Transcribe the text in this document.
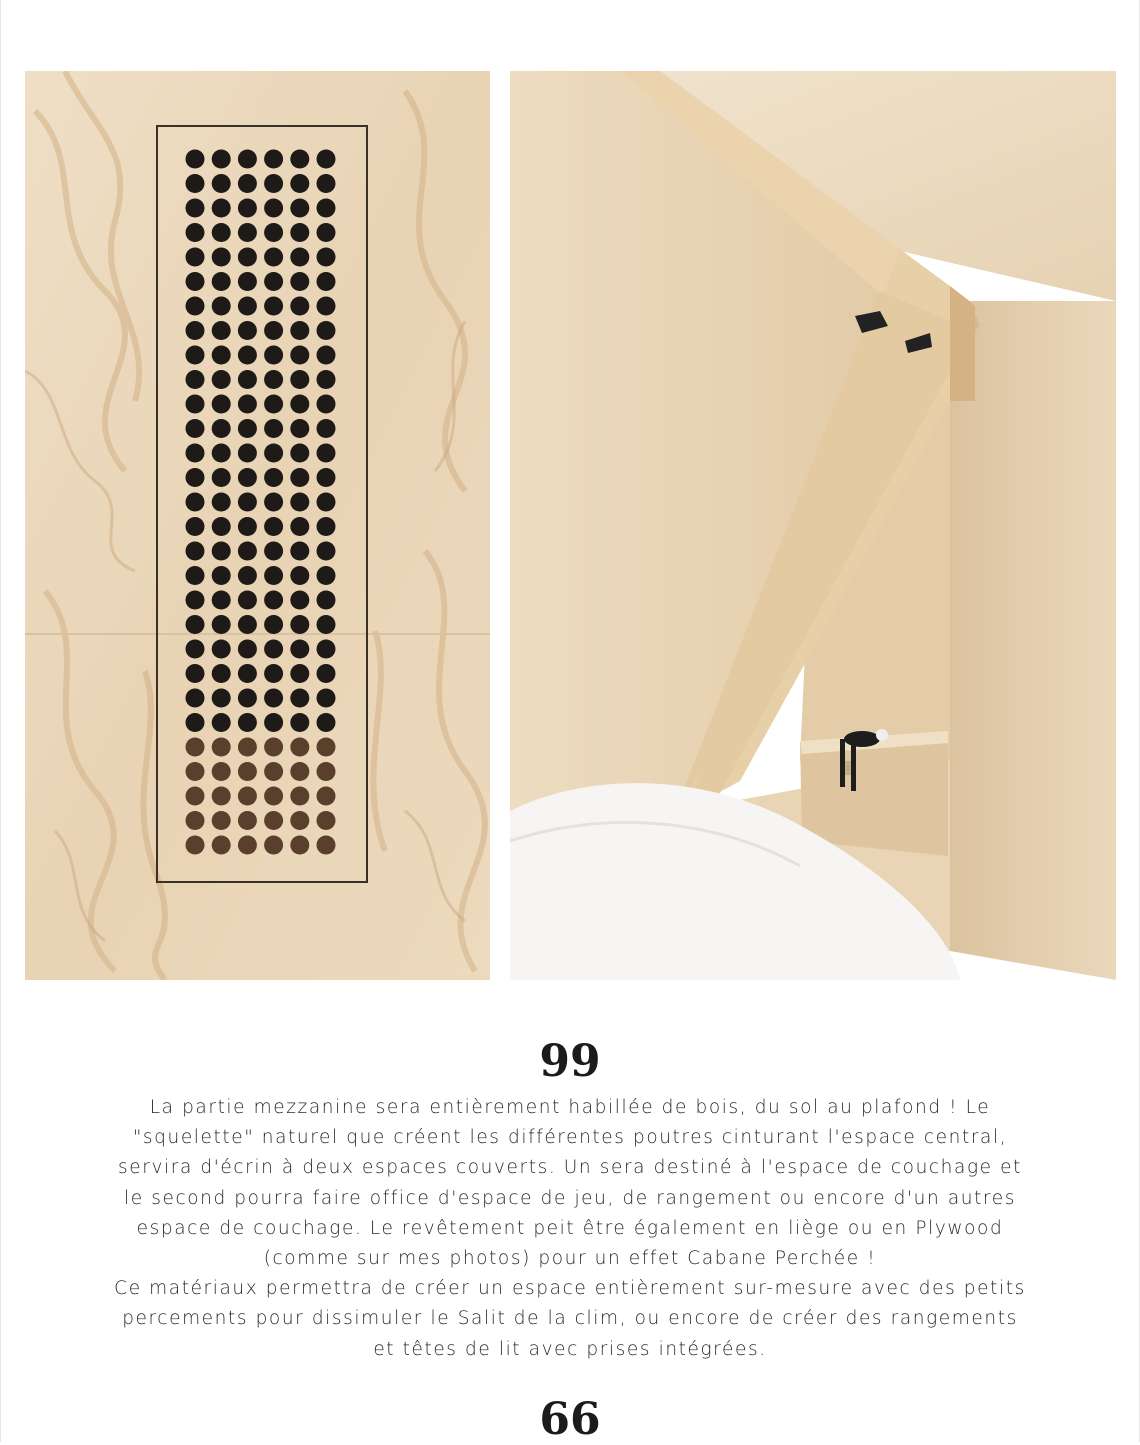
99

La partie mezzanine sera entièrement habillée de bois, du sol au plafond ! Le "squelette" naturel que créent les différentes poutres cinturant l'espace central, servira d'écrin à deux espaces couverts. Un sera destiné à l'espace de couchage et le second pourra faire office d'espace de jeu, de rangement ou encore d'un autres espace de couchage. Le revêtement peit être également en liège ou en Plywood (comme sur mes photos) pour un effet Cabane Perchée !
Ce matériaux permettra de créer un espace entièrement sur-mesure avec des petits percements pour dissimuler le Salit de la clim, ou encore de créer des rangements et têtes de lit avec prises intégrées.

66
